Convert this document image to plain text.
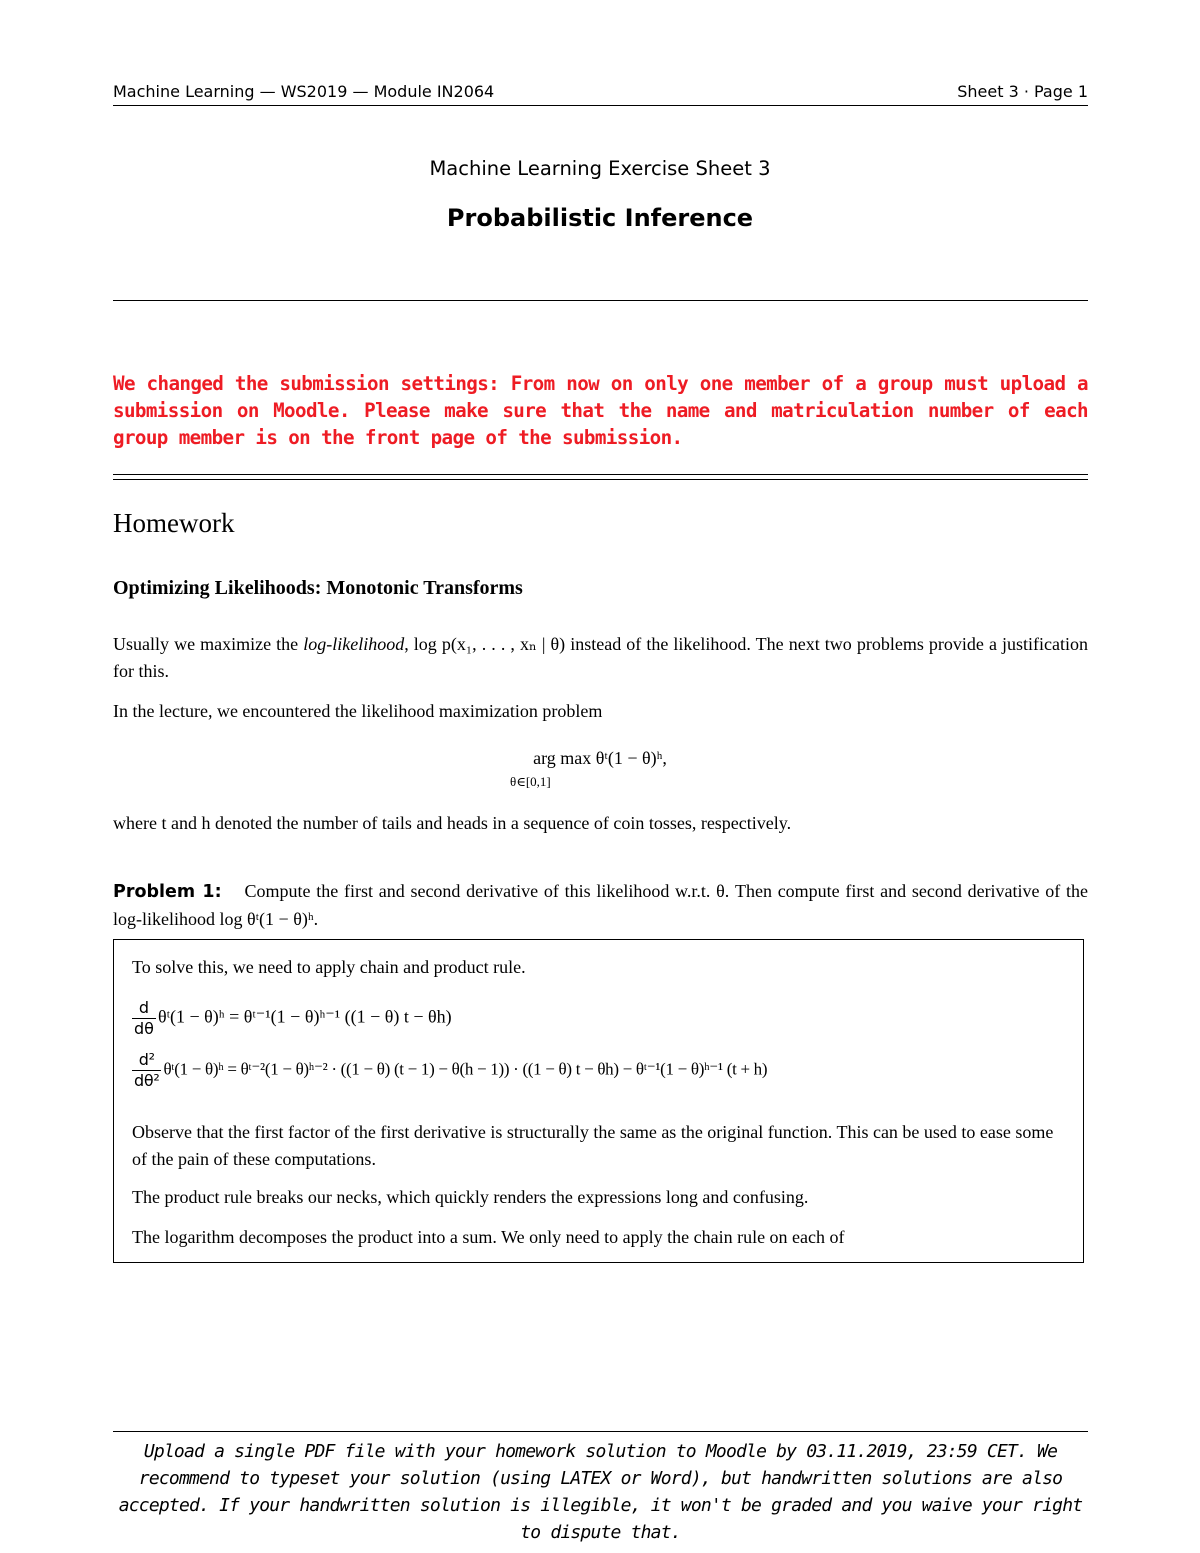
Machine Learning — WS2019 — Module IN2064	Sheet 3 · Page 1
Machine Learning Exercise Sheet 3
Probabilistic Inference
We changed the submission settings: From now on only one member of a group must upload a submission on Moodle. Please make sure that the name and matriculation number of each group member is on the front page of the submission.
Homework
Optimizing Likelihoods: Monotonic Transforms
Usually we maximize the log-likelihood, log p(x₁, . . . , xₙ | θ) instead of the likelihood. The next two problems provide a justification for this.
In the lecture, we encountered the likelihood maximization problem
arg max θᵗ(1 − θ)ʰ,
θ∈[0,1]
where t and h denoted the number of tails and heads in a sequence of coin tosses, respectively.
Problem 1: Compute the first and second derivative of this likelihood w.r.t. θ. Then compute first and second derivative of the log-likelihood log θᵗ(1 − θ)ʰ.
To solve this, we need to apply chain and product rule.
$\frac{d}{d\theta}$ θᵗ(1 − θ)ʰ = θᵗ⁻¹(1 − θ)ʰ⁻¹ ((1 − θ) t − θh)
$\frac{\text{d²}}{\text{dθ²}}$ θᵗ(1 − θ)ʰ = θᵗ⁻²(1 − θ)ʰ⁻² · ((1 − θ) (t − 1) − θ(h − 1)) · ((1 − θ) t − θh) − θᵗ⁻¹(1 − θ)ʰ⁻¹ (t + h)
Observe that the first factor of the first derivative is structurally the same as the original function. This can be used to ease some of the pain of these computations.
The product rule breaks our necks, which quickly renders the expressions long and confusing.
The logarithm decomposes the product into a sum. We only need to apply the chain rule on each of
Upload a single PDF file with your homework solution to Moodle by 03.11.2019, 23:59 CET. We recommend to typeset your solution (using LATEX or Word), but handwritten solutions are also accepted. If your handwritten solution is illegible, it won't be graded and you waive your right to dispute that.
